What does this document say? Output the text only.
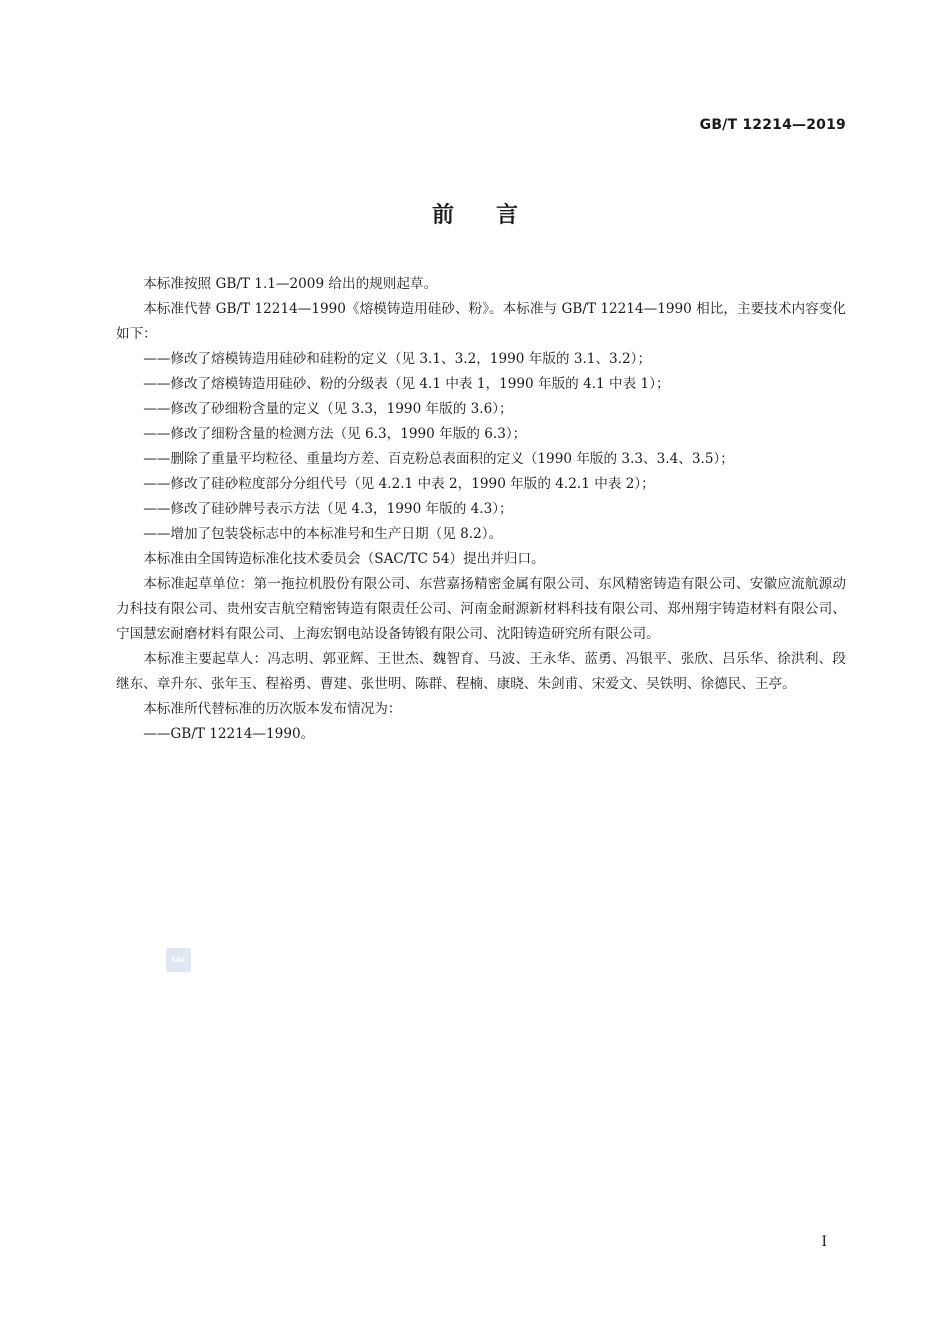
GB/T 12214—2019
前言

本标准按照 GB/T 1.1—2009 给出的规则起草。

本标准代替 GB/T 12214—1990《熔模铸造用硅砂、粉》。本标准与 GB/T 12214—1990 相比，主要技术内容变化如下：

——修改了熔模铸造用硅砂和硅粉的定义（见 3.1、3.2，1990 年版的 3.1、3.2）；

——修改了熔模铸造用硅砂、粉的分级表（见 4.1 中表 1，1990 年版的 4.1 中表 1）；

——修改了砂细粉含量的定义（见 3.3，1990 年版的 3.6）；

——修改了细粉含量的检测方法（见 6.3，1990 年版的 6.3）；

——删除了重量平均粒径、重量均方差、百克粉总表面积的定义（1990 年版的 3.3、3.4、3.5）；

——修改了硅砂粒度部分分组代号（见 4.2.1 中表 2，1990 年版的 4.2.1 中表 2）；

——修改了硅砂牌号表示方法（见 4.3，1990 年版的 4.3）；

——增加了包装袋标志中的本标准号和生产日期（见 8.2）。

本标准由全国铸造标准化技术委员会（SAC/TC 54）提出并归口。

本标准起草单位：第一拖拉机股份有限公司、东营嘉扬精密金属有限公司、东风精密铸造有限公司、安徽应流航源动力科技有限公司、贵州安吉航空精密铸造有限责任公司、河南金耐源新材料科技有限公司、郑州翔宇铸造材料有限公司、宁国慧宏耐磨材料有限公司、上海宏钢电站设备铸锻有限公司、沈阳铸造研究所有限公司。

本标准主要起草人：冯志明、郭亚辉、王世杰、魏智育、马波、王永华、蓝勇、冯银平、张欣、吕乐华、徐洪利、段继东、章升东、张年玉、程裕勇、曹建、张世明、陈群、程楠、康晓、朱剑甫、宋爱文、吴铁明、徐德民、王亭。

本标准所代替标准的历次版本发布情况为：

——GB/T 12214—1990。

SAC
I
